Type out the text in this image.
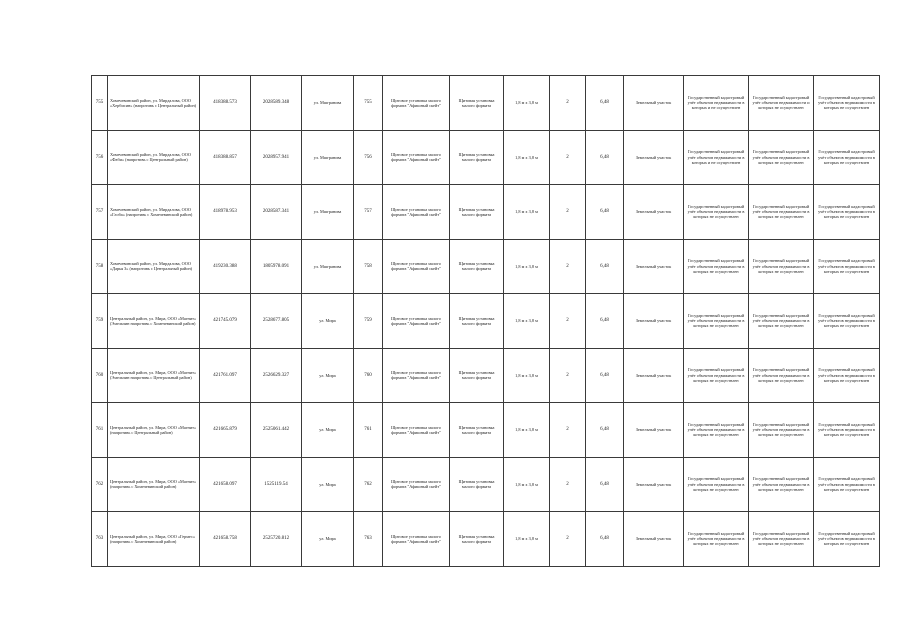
755	Хомечевинский район, ул. Мирдалова, ООО «Хербисин» (напротивь с Центральный район)	418388.573	2028589.348	ул. Мшгранова	755	Щитовое установка малого формата "Афишный скейт"	Щитовая установка малого формата	1,8 м х 3,8 м	2	6,48	Земельный участок	Государственный кадастровый учёт объектов недвижимости в которых и не осуществлен	Государственный кадастровый учёт объектов недвижимости и которых не осуществлен	Государственный кадастровый учёт объектов недвижимости в которых не осуществлен
756	Хомечевинский район, ул. Мирдалова, ООО «Фаби» (напротивь с Центральный район)	418388.857	2028957.941	ул. Мшгранова	756	Щитовое установка малого формата "Афишный скейт"	Щитовая установка малого формата	1,8 м х 3,8 м	2	6,48	Земельный участок	Государственный кадастровый учёт объектов недвижимости в которых и не осуществлен	Государственный кадастровый учёт объектов недвижимости в которых не осуществлен	Государственный кадастровый учёт объектов недвижимости в которых не осуществлен
757	Хомечевинский район, ул. Мирдалова, ООО «Глоба» (напротивь с Хомечевинский район)	418978.953	2028587.341	ул. Мшгранова	757	Щитовое установка малого формата "Афишный скейт"	Щитовая установка малого формата	1,8 м х 3,8 м	2	6,48	Земельный участок	Государственный кадастровый учёт объектов недвижимости в которых не осуществлен	Государственный кадастровый учёт объектов недвижимости в которых не осуществлен	Государственный кадастровый учёт объектов недвижимости в которых не осуществлен
758	Хомечевинский район, ул. Мирдалова, ООО «Дарья 3» (напротивь с Центральный район)	419230.388	1805978.091	ул. Мшгранова	758	Щитовое установка малого формата "Афишный скейт"	Щитовая установка малого формата	1,8 м х 3,8 м	2	6,48	Земельный участок	Государственный кадастровый учёт объектов недвижимости в которых не осуществлен	Государственный кадастровый учёт объектов недвижимости в которых не осуществлен	Государственный кадастровый учёт объектов недвижимости в которых не осуществлен
759	Центральный район, ул. Мира, ООО «Магнит» (Эмельчин напротивь с Хомечевинский район)	421745.079	2528677.805	ул. Мира	759	Щитовое установка малого формата "Афишный скейт"	Щитовая установка малого формата	1,8 м х 3,8 м	2	6,48	Земельный участок	Государственный кадастровый учёт объектов недвижимости в которых не осуществлен	Государственный кадастровый учёт объектов недвижимости в которых не осуществлен	Государственный кадастровый учёт объектов недвижимости в которых не осуществлен
760	Центральный район, ул. Мира, ООО «Магнит» (Эмельчин напротивь с Центральный район)	421761.097	2526629.327	ул. Мира	760	Щитовое установка малого формата "Афишный скейт"	Щитовая установка малого формата	1,8 м х 3,8 м	2	6,48	Земельный участок	Государственный кадастровый учёт объектов недвижимости в которых не осуществлен	Государственный кадастровый учёт объектов недвижимости в которых не осуществлен	Государственный кадастровый учёт объектов недвижимости в которых не осуществлен
761	Центральный район, ул. Мира, ООО «Магнит» (напротивь с Центральный район)	421665.879	2525061.442	ул. Мира	761	Щитовое установка малого формата "Афишный скейт"	Щитовая установка малого формата	1,8 м х 3,8 м	2	6,48	Земельный участок	Государственный кадастровый учёт объектов недвижимости в которых не осуществлен	Государственный кадастровый учёт объектов недвижимости в которых не осуществлен	Государственный кадастровый учёт объектов недвижимости в которых не осуществлен
762	Центральный район, ул. Мира, ООО «Магнит» (напротивь с Хомечевинский район)	421658.097	1525119.54	ул. Мира	762	Щитовое установка малого формата "Афишный скейт"	Щитовая установка малого формата	1,8 м х 3,8 м	2	6,48	Земельный участок	Государственный кадастровый учёт объектов недвижимости в которых не осуществлен	Государственный кадастровый учёт объектов недвижимости в которых не осуществлен	Государственный кадастровый учёт объектов недвижимости в которых не осуществлен
763	Центральный район, ул. Мира, ООО «Гермес» (напротивь с Хомечевинский район)	421658.758	2525720.812	ул. Мира	763	Щитовое установка малого формата "Афишный скейт"	Щитовая установка малого формата	1,8 м х 3,8 м	2	6,48	Земельный участок	Государственный кадастровый учёт объектов недвижимости в которых не осуществлен	Государственный кадастровый учёт объектов недвижимости в которых не осуществлен	Государственный кадастровый учёт объектов недвижимости в которых не осуществлен
